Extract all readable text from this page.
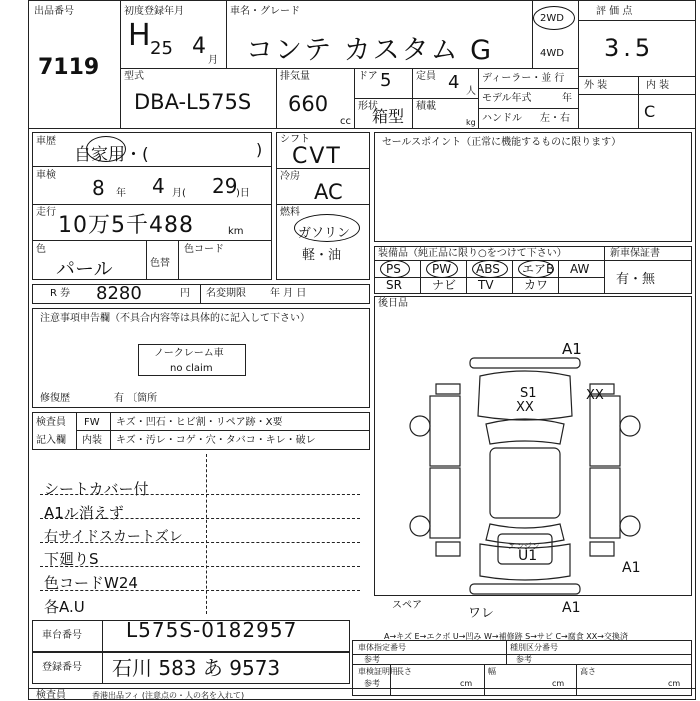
出品番号
7119
初度登録年月
H 25 4
月
車名・グレード
コンテ カスタム G
2WD
4WD
評 価 点
3.5
外 装	内 装
C
型式
DBA-L575S
排気量
660
cc
ドア 5 定員 4 人
形状
箱型
積載
kg
ディーラー・並 行
モデル年式	年
ハンドル 左・右
車歴
自家用・(	)
車検
8 年 4 月( 29
)日
走行
10万5千488	km
色
パール	色替
色コード
シフト
CVT
冷房
AC
燃料
ガソリン
軽・油
セールスポイント（正常に機能するものに限ります）
装備品（純正品に限り○をつけて下さい）	新車保証書
有・無
PS	PW ABS エアB AW
SR	ナビ TV	カワ
R 券 8280	円 名変期限 年 月 日
後日品
注意事項申告欄（不具合内容等は具体的に記入して下さい）
ノークレーム車
no claim
修復歴	有 〔箇所
検査員
記入欄
FW キズ・凹石・ヒビ割・リペア跡・X要
内装 キズ・汚レ・コゲ・穴・タバコ・キレ・破レ
シートカバー付
A1ル消えず
右サイドスカートズレ
下廻りS
色コードW24
各A.U
A1
S1
XX
XX
U1
A1
A1
ワレ
スペア
エンジン
A→キズ E→エクボ U→凹み W→補修跡 S→サビ C→腐食 XX→交換済
車体指定番号	種別区分番号
参考
参考
車検証明用
参考
長さ	幅	高さ
cm	cm	cm
車台番号 L575S-0182957
登録番号 石川 583 あ 9573
検査員	香港出品フィ (注意点の・人の名を入れて)
